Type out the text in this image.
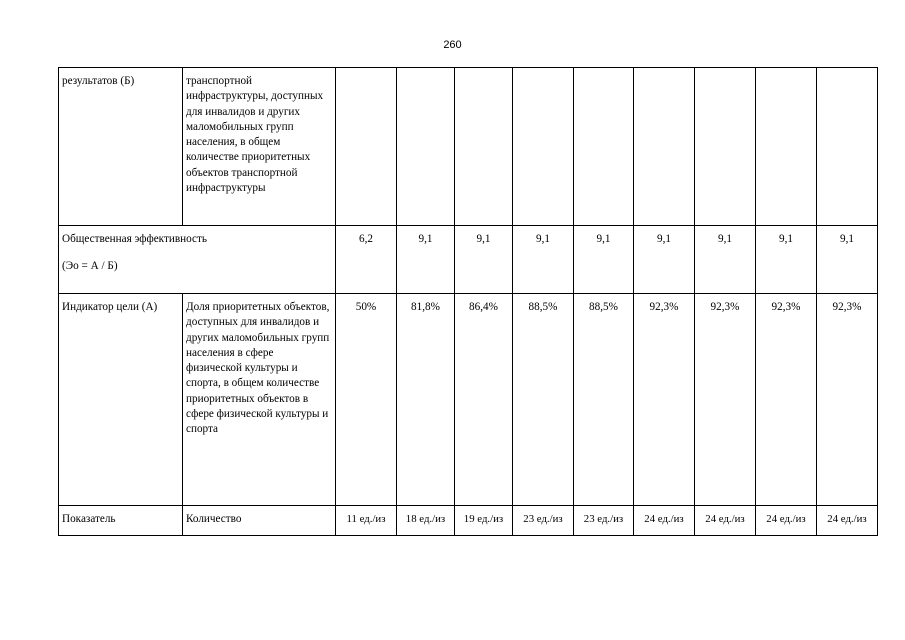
260
результатов (Б)	транспортной инфраструктуры, доступных для инвалидов и других маломобильных групп населения, в общем количестве приоритетных объектов транспортной инфраструктуры									

Общественная эффективность
(Эо = А / Б)		6,2	9,1	9,1	9,1	9,1	9,1	9,1	9,1	9,1
Индикатор цели (А)	Доля приоритетных объектов, доступных для инвалидов и других маломобильных групп населения в сфере физической культуры и спорта, в общем количестве приоритетных объектов в сфере физической культуры и спорта	50%	81,8%	86,4%	88,5%	88,5%	92,3%	92,3%	92,3%	92,3%
Показатель	Количество	11 ед./из	18 ед./из	19 ед./из	23 ед./из	23 ед./из	24 ед./из	24 ед./из	24 ед./из	24 ед./из
